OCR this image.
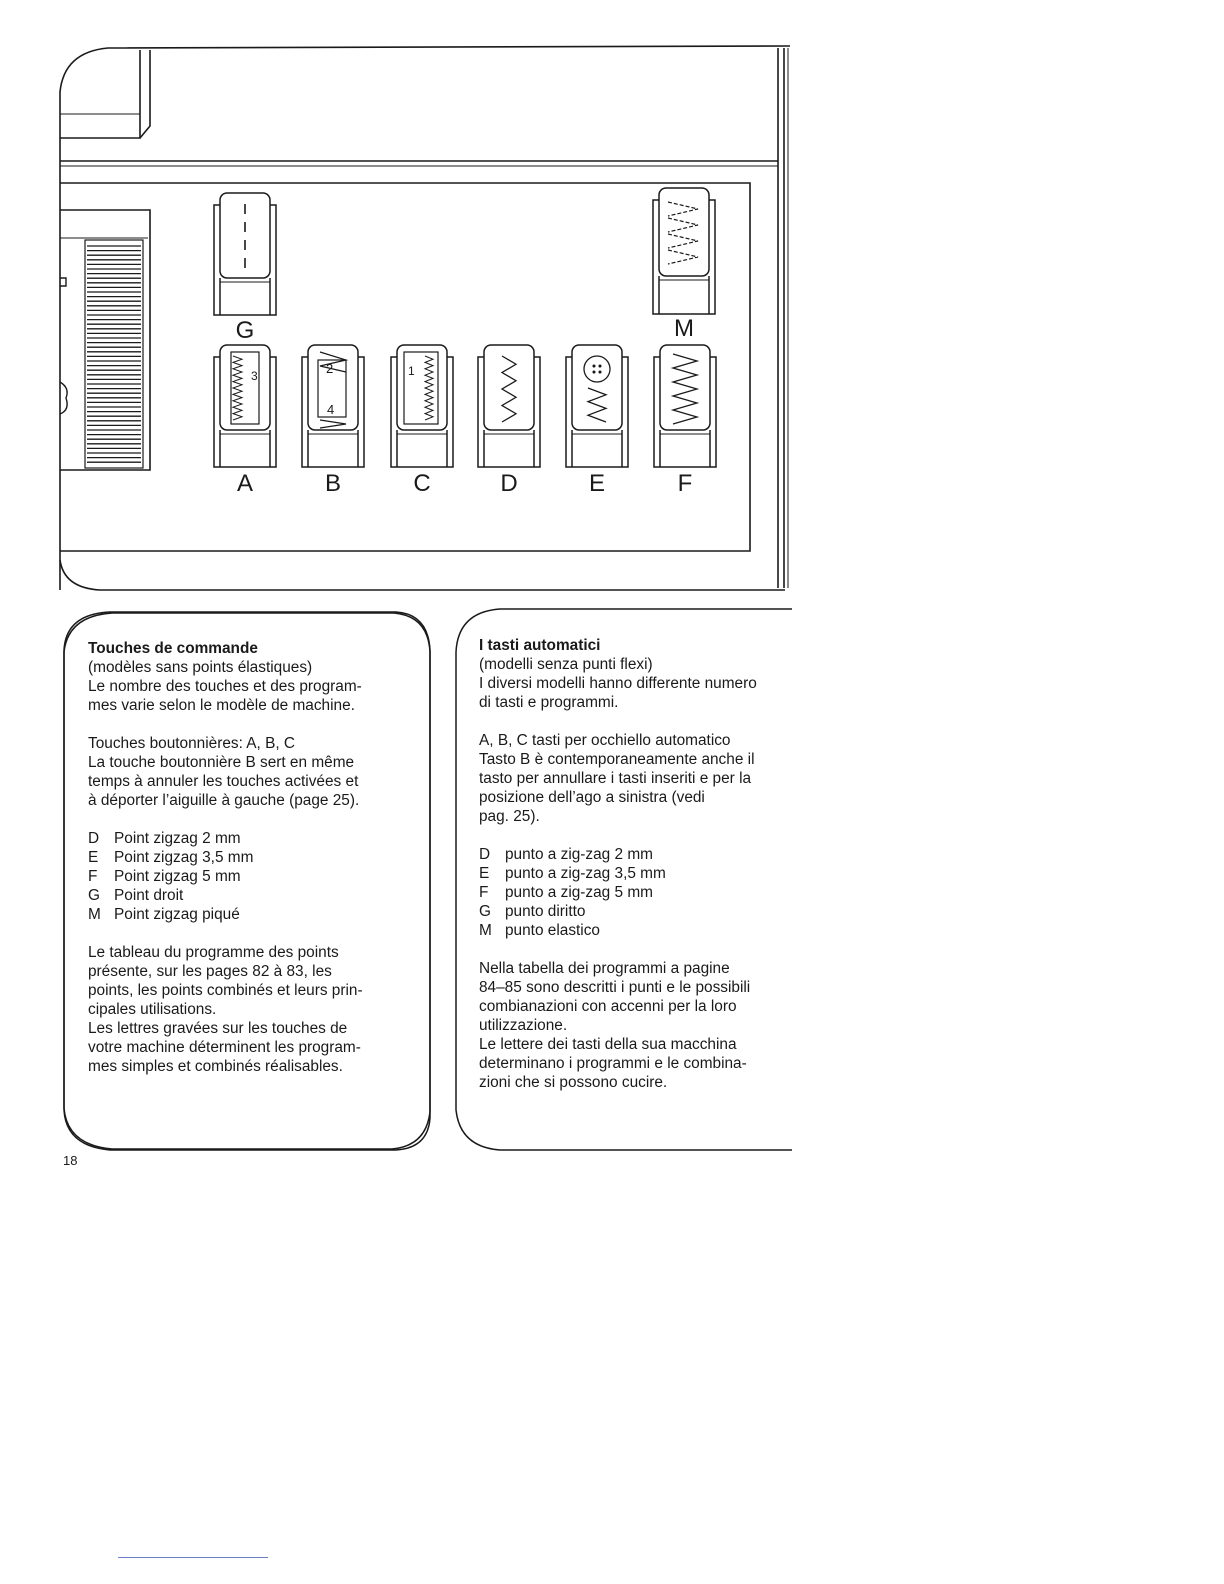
G	M
A	B	C	D	E	F
3	2
4
1
Touches de commande
(modèles sans points élastiques)
Le nombre des touches et des program-
mes varie selon le modèle de machine.
Touches boutonnières: A, B, C
La touche boutonnière B sert en même
temps à annuler les touches activées et
à déporter l’aiguille à gauche (page 25).
D Point zigzag 2 mm
E	Point zigzag 3,5 mm
F	Point zigzag 5 mm
G Point droit
M Point zigzag piqué
Le tableau du programme des points
présente, sur les pages 82 à 83, les
points, les points combinés et leurs prin-
cipales utilisations.
Les lettres gravées sur les touches de
votre machine déterminent les program-
mes simples et combinés réalisables.
I tasti automatici
(modelli senza punti flexi)
I diversi modelli hanno differente numero
di tasti e programmi.
A, B, C tasti per occhiello automatico
Tasto B è contemporaneamente anche il
tasto per annullare i tasti inseriti e per la
posizione dell’ago a sinistra (vedi
pag. 25).
D punto a zig-zag 2 mm
E	punto a zig-zag 3,5 mm
F	punto a zig-zag 5 mm
G punto diritto
M punto elastico
Nella tabella dei programmi a pagine
84–85 sono descritti i punti e le possibili
combianazioni con accenni per la loro
utilizzazione.
Le lettere dei tasti della sua macchina
determinano i programmi e le combina-
zioni che si possono cucire.
18
